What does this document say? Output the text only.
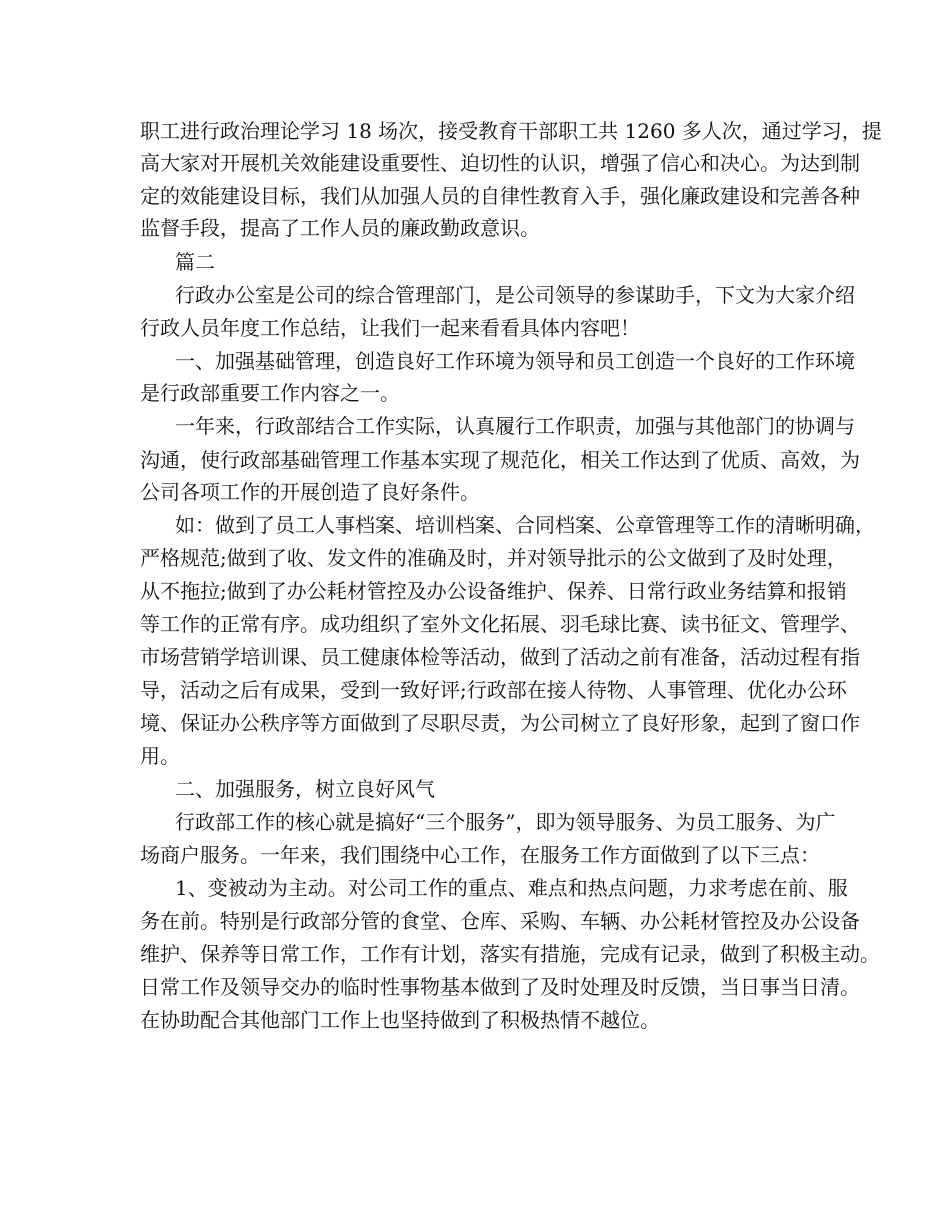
职工进行政治理论学习 18 场次，接受教育干部职工共 1260 多人次，通过学习，提

高大家对开展机关效能建设重要性、迫切性的认识，增强了信心和决心。为达到制

定的效能建设目标，我们从加强人员的自律性教育入手，强化廉政建设和完善各种

监督手段，提高了工作人员的廉政勤政意识。

篇二

行政办公室是公司的综合管理部门，是公司领导的参谋助手，下文为大家介绍

行政人员年度工作总结，让我们一起来看看具体内容吧！

一、加强基础管理，创造良好工作环境为领导和员工创造一个良好的工作环境

是行政部重要工作内容之一。

一年来，行政部结合工作实际，认真履行工作职责，加强与其他部门的协调与

沟通，使行政部基础管理工作基本实现了规范化，相关工作达到了优质、高效，为

公司各项工作的开展创造了良好条件。

如：做到了员工人事档案、培训档案、合同档案、公章管理等工作的清晰明确，

严格规范;做到了收、发文件的准确及时，并对领导批示的公文做到了及时处理，

从不拖拉;做到了办公耗材管控及办公设备维护、保养、日常行政业务结算和报销

等工作的正常有序。成功组织了室外文化拓展、羽毛球比赛、读书征文、管理学、

市场营销学培训课、员工健康体检等活动，做到了活动之前有准备，活动过程有指

导，活动之后有成果，受到一致好评;行政部在接人待物、人事管理、优化办公环

境、保证办公秩序等方面做到了尽职尽责，为公司树立了良好形象，起到了窗口作

用。

二、加强服务，树立良好风气

行政部工作的核心就是搞好“三个服务”，即为领导服务、为员工服务、为广

场商户服务。一年来，我们围绕中心工作，在服务工作方面做到了以下三点：

1、变被动为主动。对公司工作的重点、难点和热点问题，力求考虑在前、服

务在前。特别是行政部分管的食堂、仓库、采购、车辆、办公耗材管控及办公设备

维护、保养等日常工作，工作有计划，落实有措施，完成有记录，做到了积极主动。

日常工作及领导交办的临时性事物基本做到了及时处理及时反馈，当日事当日清。

在协助配合其他部门工作上也坚持做到了积极热情不越位。
